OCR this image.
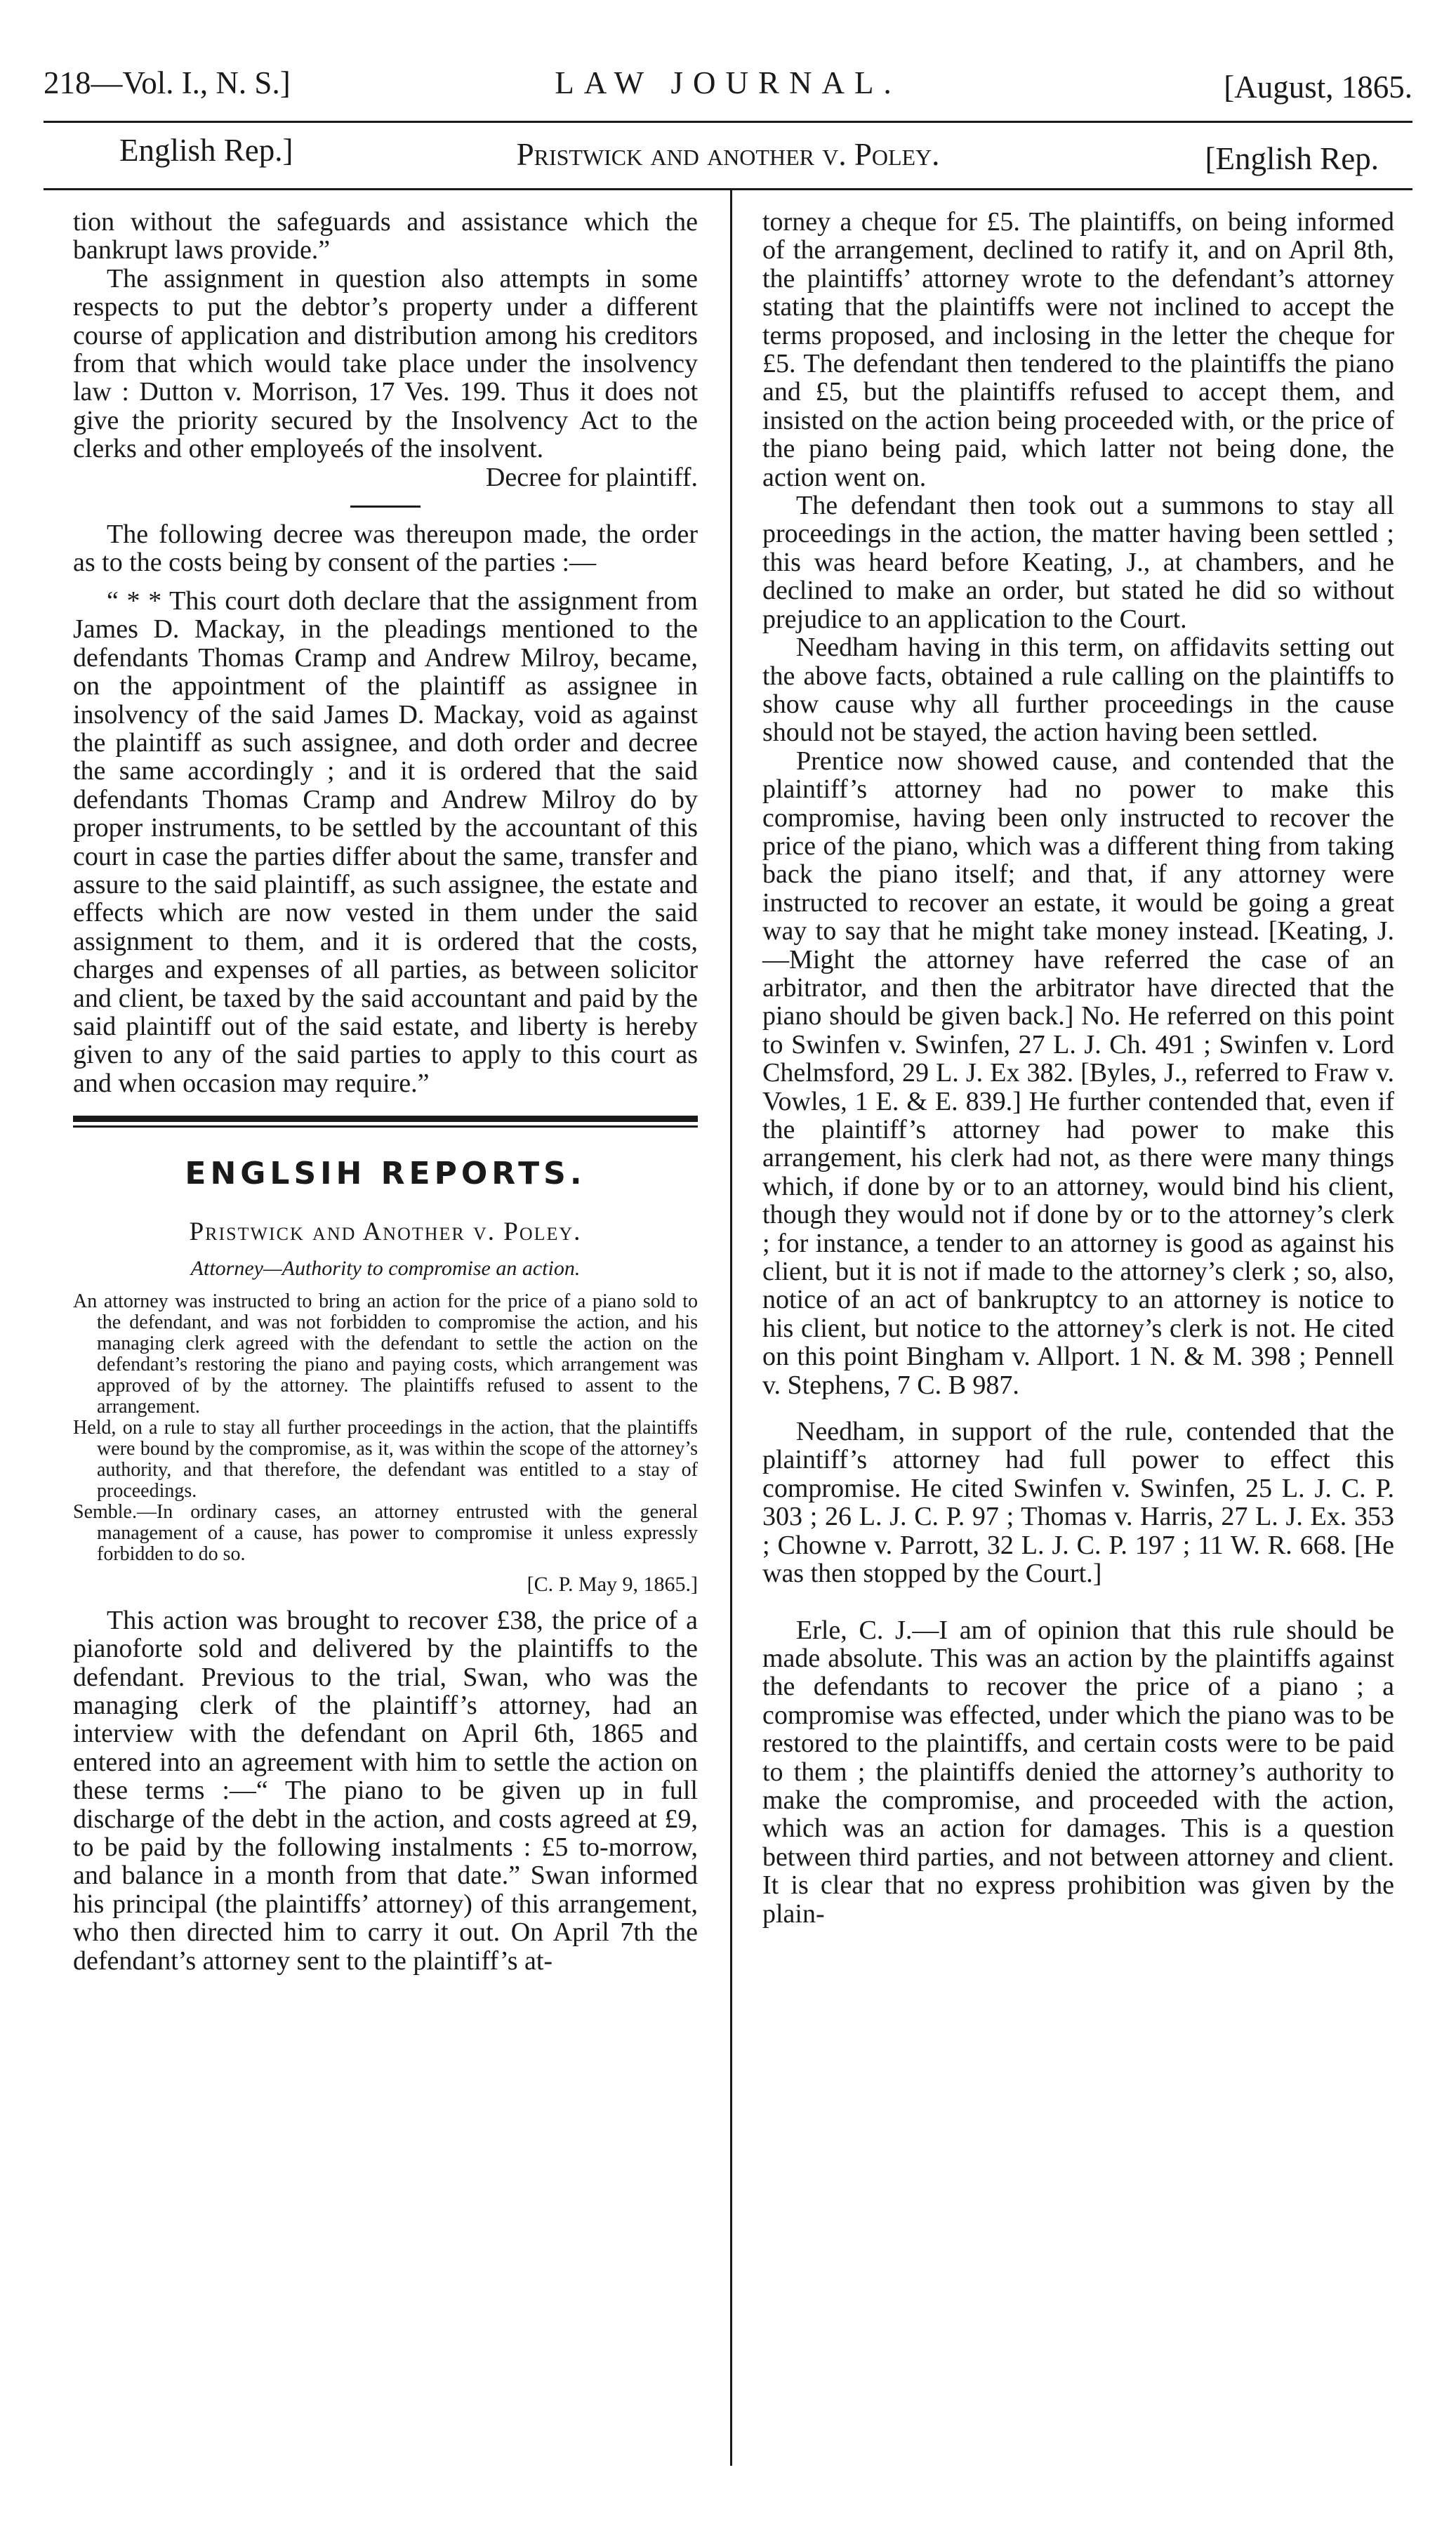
218—Vol. I., N. S.]	LAW JOURNAL.	[August, 1865.
English Rep.]	Pristwick and another v. Poley.	[English Rep.

tion without the safeguards and assistance which the bankrupt laws provide.”

The assignment in question also attempts in some respects to put the debtor’s property under a different course of application and distribution among his creditors from that which would take place under the insolvency law : Dutton v. Morrison, 17 Ves. 199. Thus it does not give the priority secured by the Insolvency Act to the clerks and other employeés of the insolvent.

Decree for plaintiff.

The following decree was thereupon made, the order as to the costs being by consent of the parties :—

“ * * This court doth declare that the assignment from James D. Mackay, in the pleadings mentioned to the defendants Thomas Cramp and Andrew Milroy, became, on the appointment of the plaintiff as assignee in insolvency of the said James D. Mackay, void as against the plaintiff as such assignee, and doth order and decree the same accordingly ; and it is ordered that the said defendants Thomas Cramp and Andrew Milroy do by proper instruments, to be settled by the accountant of this court in case the parties differ about the same, transfer and assure to the said plaintiff, as such assignee, the estate and effects which are now vested in them under the said assignment to them, and it is ordered that the costs, charges and expenses of all parties, as between solicitor and client, be taxed by the said accountant and paid by the said plaintiff out of the said estate, and liberty is hereby given to any of the said parties to apply to this court as and when occasion may require.”

ENGLSIH REPORTS.
Pristwick and Another v. Poley.
Attorney—Authority to compromise an action.

An attorney was instructed to bring an action for the price of a piano sold to the defendant, and was not forbidden to compromise the action, and his managing clerk agreed with the defendant to settle the action on the defendant’s restoring the piano and paying costs, which arrangement was approved of by the attorney. The plaintiffs refused to assent to the arrangement.

Held, on a rule to stay all further proceedings in the action, that the plaintiffs were bound by the compromise, as it, was within the scope of the attorney’s authority, and that therefore, the defendant was entitled to a stay of proceedings.

Semble.—In ordinary cases, an attorney entrusted with the general management of a cause, has power to compromise it unless expressly forbidden to do so.

[C. P. May 9, 1865.]

This action was brought to recover £38, the price of a pianoforte sold and delivered by the plaintiffs to the defendant. Previous to the trial, Swan, who was the managing clerk of the plaintiff’s attorney, had an interview with the defendant on April 6th, 1865 and entered into an agreement with him to settle the action on these terms :—“ The piano to be given up in full discharge of the debt in the action, and costs agreed at £9, to be paid by the following instalments : £5 to-morrow, and balance in a month from that date.” Swan informed his principal (the plaintiffs’ attorney) of this arrangement, who then directed him to carry it out. On April 7th the defendant’s attorney sent to the plaintiff’s at-

torney a cheque for £5. The plaintiffs, on being informed of the arrangement, declined to ratify it, and on April 8th, the plaintiffs’ attorney wrote to the defendant’s attorney stating that the plaintiffs were not inclined to accept the terms proposed, and inclosing in the letter the cheque for £5. The defendant then tendered to the plaintiffs the piano and £5, but the plaintiffs refused to accept them, and insisted on the action being proceeded with, or the price of the piano being paid, which latter not being done, the action went on.

The defendant then took out a summons to stay all proceedings in the action, the matter having been settled ; this was heard before Keating, J., at chambers, and he declined to make an order, but stated he did so without prejudice to an application to the Court.

Needham having in this term, on affidavits setting out the above facts, obtained a rule calling on the plaintiffs to show cause why all further proceedings in the cause should not be stayed, the action having been settled.

Prentice now showed cause, and contended that the plaintiff’s attorney had no power to make this compromise, having been only instructed to recover the price of the piano, which was a different thing from taking back the piano itself; and that, if any attorney were instructed to recover an estate, it would be going a great way to say that he might take money instead. [Keating, J.—Might the attorney have referred the case of an arbitrator, and then the arbitrator have directed that the piano should be given back.] No. He referred on this point to Swinfen v. Swinfen, 27 L. J. Ch. 491 ; Swinfen v. Lord Chelmsford, 29 L. J. Ex 382. [Byles, J., referred to Fraw v. Vowles, 1 E. & E. 839.] He further contended that, even if the plaintiff’s attorney had power to make this arrangement, his clerk had not, as there were many things which, if done by or to an attorney, would bind his client, though they would not if done by or to the attorney’s clerk ; for instance, a tender to an attorney is good as against his client, but it is not if made to the attorney’s clerk ; so, also, notice of an act of bankruptcy to an attorney is notice to his client, but notice to the attorney’s clerk is not. He cited on this point Bingham v. Allport. 1 N. & M. 398 ; Pennell v. Stephens, 7 C. B 987.

Needham, in support of the rule, contended that the plaintiff’s attorney had full power to effect this compromise. He cited Swinfen v. Swinfen, 25 L. J. C. P. 303 ; 26 L. J. C. P. 97 ; Thomas v. Harris, 27 L. J. Ex. 353 ; Chowne v. Parrott, 32 L. J. C. P. 197 ; 11 W. R. 668. [He was then stopped by the Court.]

Erle, C. J.—I am of opinion that this rule should be made absolute. This was an action by the plaintiffs against the defendants to recover the price of a piano ; a compromise was effected, under which the piano was to be restored to the plaintiffs, and certain costs were to be paid to them ; the plaintiffs denied the attorney’s authority to make the compromise, and proceeded with the action, which was an action for damages. This is a question between third parties, and not between attorney and client. It is clear that no express prohibition was given by the plain-
